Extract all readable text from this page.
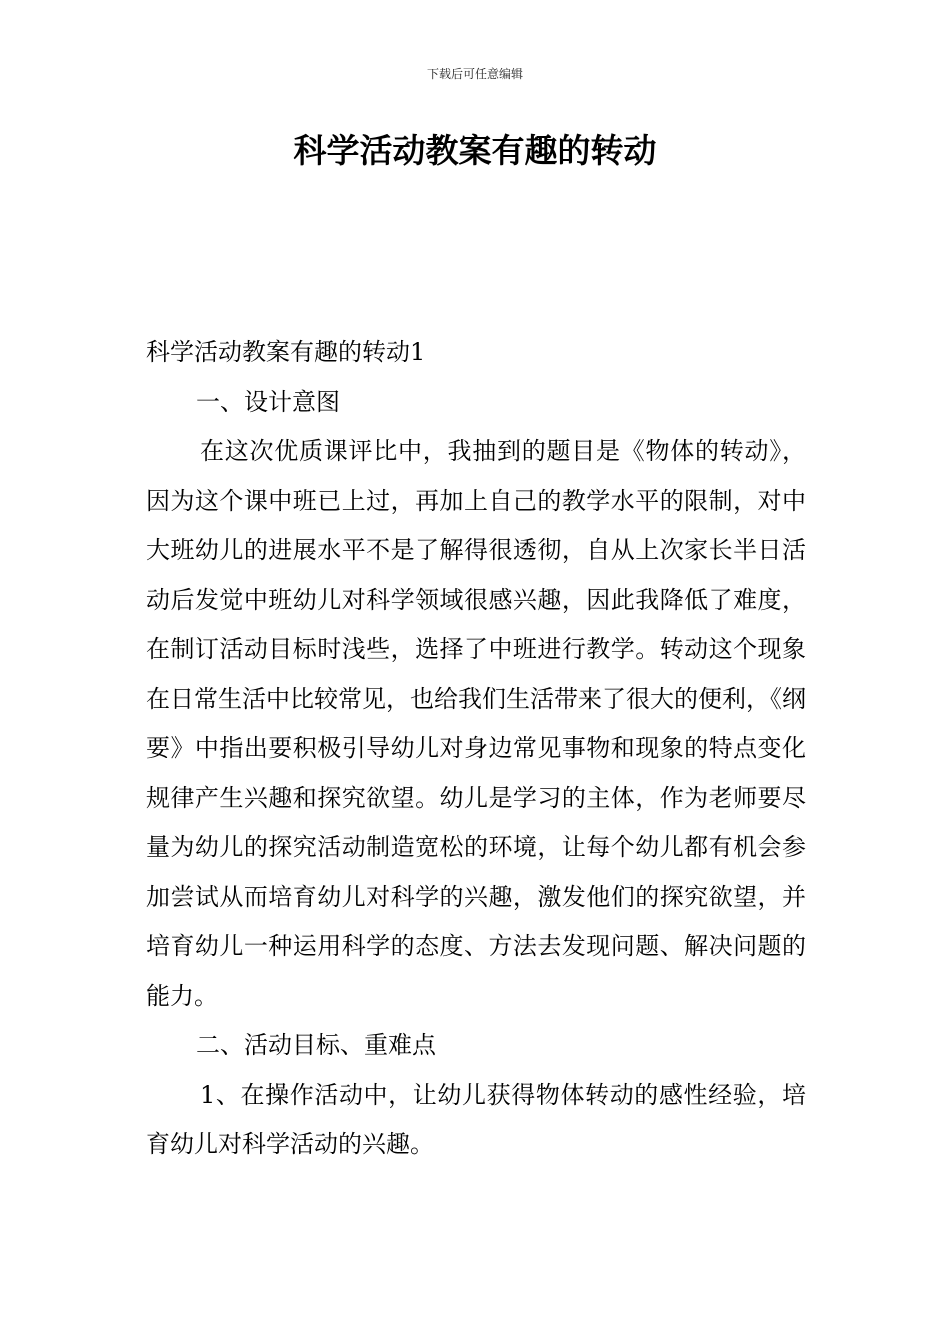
下载后可任意编辑
科学活动教案有趣的转动
科学活动教案有趣的转动1
一、设计意图

在这次优质课评比中，我抽到的题目是《物体的转动》，因为这个课中班已上过，再加上自己的教学水平的限制，对中大班幼儿的进展水平不是了解得很透彻，自从上次家长半日活动后发觉中班幼儿对科学领域很感兴趣，因此我降低了难度，在制订活动目标时浅些，选择了中班进行教学。转动这个现象在日常生活中比较常见，也给我们生活带来了很大的便利，《纲要》中指出要积极引导幼儿对身边常见事物和现象的特点变化规律产生兴趣和探究欲望。幼儿是学习的主体，作为老师要尽量为幼儿的探究活动制造宽松的环境，让每个幼儿都有机会参加尝试从而培育幼儿对科学的兴趣，激发他们的探究欲望，并培育幼儿一种运用科学的态度、方法去发现问题、解决问题的能力。

二、活动目标、重难点

1、在操作活动中，让幼儿获得物体转动的感性经验，培育幼儿对科学活动的兴趣。
